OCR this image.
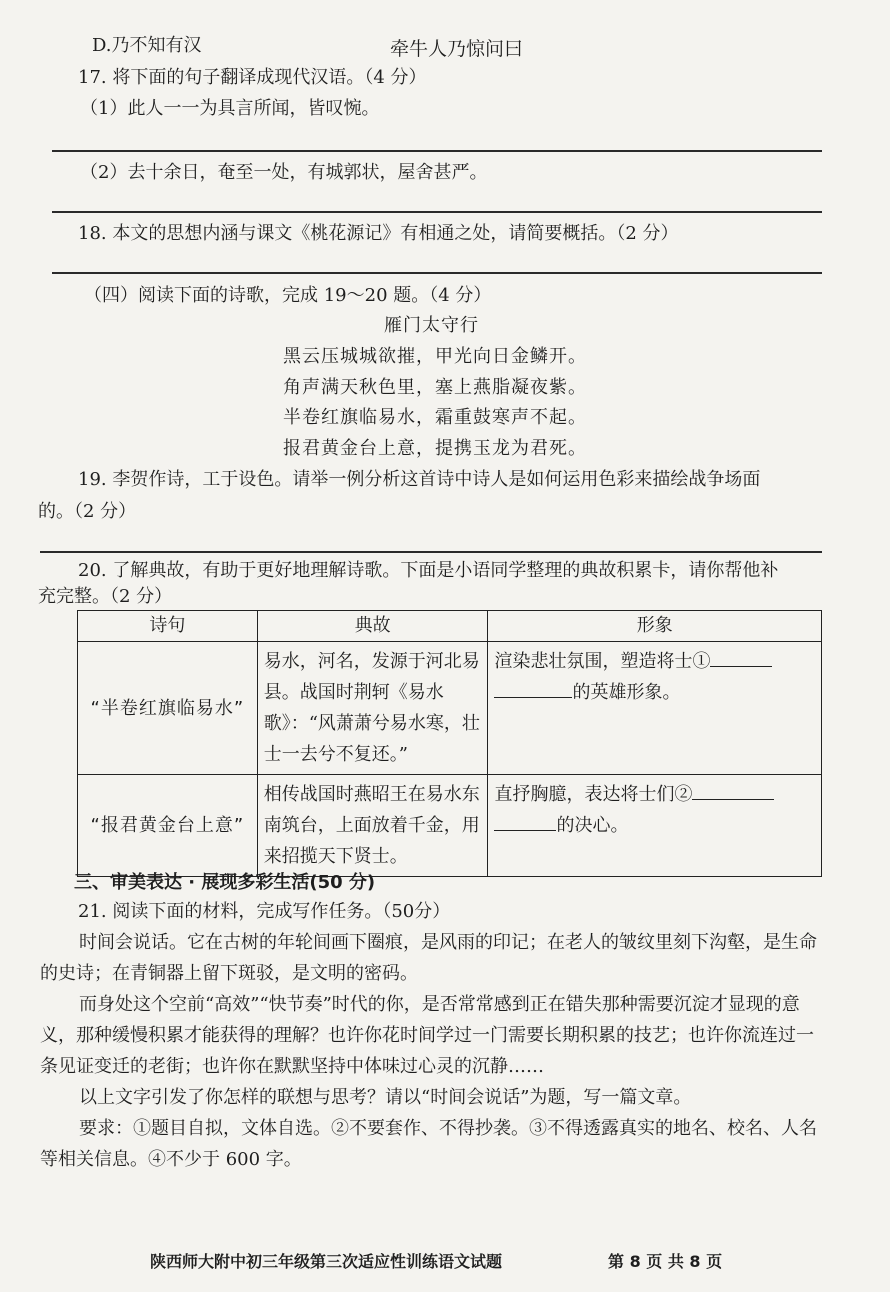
D.乃不知有汉	牵牛人乃惊问曰
17. 将下面的句子翻译成现代汉语。（4 分）
（1）此人一一为具言所闻，皆叹惋。
（2）去十余日，奄至一处，有城郭状，屋舍甚严。
18. 本文的思想内涵与课文《桃花源记》有相通之处，请简要概括。（2 分）
（四）阅读下面的诗歌，完成 19～20 题。（4 分）
雁门太守行
黑云压城城欲摧，甲光向日金鳞开。
角声满天秋色里，塞上燕脂凝夜紫。
半卷红旗临易水，霜重鼓寒声不起。
报君黄金台上意，提携玉龙为君死。
19. 李贺作诗，工于设色。请举一例分析这首诗中诗人是如何运用色彩来描绘战争场面
的。（2 分）
20. 了解典故，有助于更好地理解诗歌。下面是小语同学整理的典故积累卡，请你帮他补
充完整。（2 分）
诗句	典故	形象
“半卷红旗临易水”	易水，河名，发源于河北易县。战国时荆轲《易水歌》：“风萧萧兮易水寒，壮士一去兮不复还。”	渲染悲壮氛围，塑造将士①
的英雄形象。
“报君黄金台上意”	相传战国时燕昭王在易水东南筑台，上面放着千金，用来招揽天下贤士。	直抒胸臆，表达将士们②
的决心。
三、审美表达 · 展现多彩生活(50 分)
21. 阅读下面的材料，完成写作任务。（50分）
时间会说话。它在古树的年轮间画下圈痕，是风雨的印记；在老人的皱纹里刻下沟壑，是生命的史诗；在青铜器上留下斑驳，是文明的密码。
而身处这个空前“高效”“快节奏”时代的你，是否常常感到正在错失那种需要沉淀才显现的意义，那种缓慢积累才能获得的理解？也许你花时间学过一门需要长期积累的技艺；也许你流连过一条见证变迁的老街；也许你在默默坚持中体味过心灵的沉静……
以上文字引发了你怎样的联想与思考？请以“时间会说话”为题，写一篇文章。
要求：①题目自拟，文体自选。②不要套作、不得抄袭。③不得透露真实的地名、校名、人名等相关信息。④不少于 600 字。
陕西师大附中初三年级第三次适应性训练语文试题	第 8 页 共 8 页
